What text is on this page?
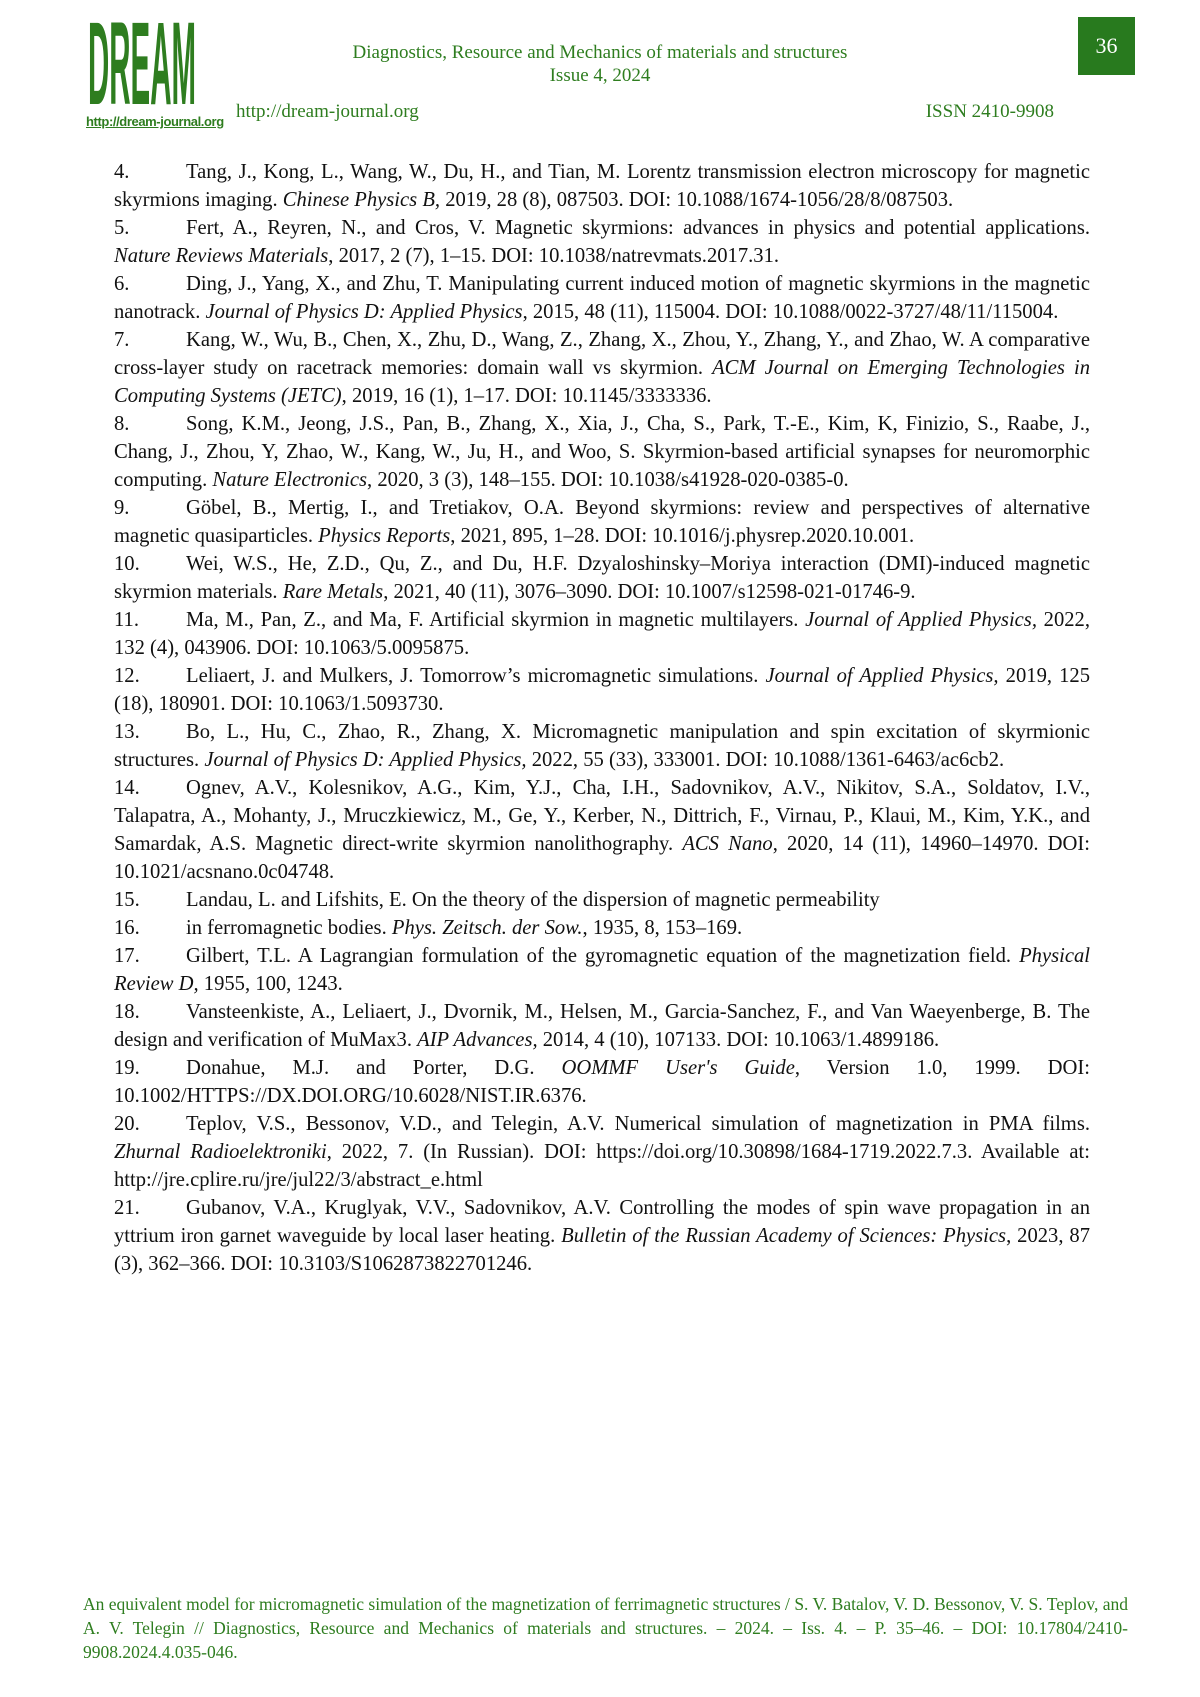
DREAM
http://dream-journal.org
Diagnostics, Resource and Mechanics of materials and structures
Issue 4, 2024
36
http://dream-journal.org	ISSN 2410-9908

4.	Tang, J., Kong, L., Wang, W., Du, H., and Tian, M. Lorentz transmission electron microscopy for magnetic skyrmions imaging. Chinese Physics B, 2019, 28 (8), 087503. DOI: 10.1088/1674-1056/28/8/087503.

5.	Fert, A., Reyren, N., and Cros, V. Magnetic skyrmions: advances in physics and potential applications. Nature Reviews Materials, 2017, 2 (7), 1–15. DOI: 10.1038/natrevmats.2017.31.

6.	Ding, J., Yang, X., and Zhu, T. Manipulating current induced motion of magnetic skyrmions in the magnetic nanotrack. Journal of Physics D: Applied Physics, 2015, 48 (11), 115004. DOI: 10.1088/0022-3727/48/11/115004.

7.	Kang, W., Wu, B., Chen, X., Zhu, D., Wang, Z., Zhang, X., Zhou, Y., Zhang, Y., and Zhao, W. A comparative cross-layer study on racetrack memories: domain wall vs skyrmion. ACM Journal on Emerging Technologies in Computing Systems (JETC), 2019, 16 (1), 1–17. DOI: 10.1145/3333336.

8.	Song, K.M., Jeong, J.S., Pan, B., Zhang, X., Xia, J., Cha, S., Park, T.-E., Kim, K, Finizio, S., Raabe, J., Chang, J., Zhou, Y, Zhao, W., Kang, W., Ju, H., and Woo, S. Skyrmion-based artificial synapses for neuromorphic computing. Nature Electronics, 2020, 3 (3), 148–155. DOI: 10.1038/s41928-020-0385-0.

9.	Göbel, B., Mertig, I., and Tretiakov, O.A. Beyond skyrmions: review and perspectives of alternative magnetic quasiparticles. Physics Reports, 2021, 895, 1–28. DOI: 10.1016/j.physrep.2020.10.001.

10. Wei, W.S., He, Z.D., Qu, Z., and Du, H.F. Dzyaloshinsky–Moriya interaction (DMI)-induced magnetic skyrmion materials. Rare Metals, 2021, 40 (11), 3076–3090. DOI: 10.1007/s12598-021-01746-9.

11. Ma, M., Pan, Z., and Ma, F. Artificial skyrmion in magnetic multilayers. Journal of Applied Physics, 2022, 132 (4), 043906. DOI: 10.1063/5.0095875.

12. Leliaert, J. and Mulkers, J. Tomorrow’s micromagnetic simulations. Journal of Applied Physics, 2019, 125 (18), 180901. DOI: 10.1063/1.5093730.

13. Bo, L., Hu, C., Zhao, R., Zhang, X. Micromagnetic manipulation and spin excitation of skyrmionic structures. Journal of Physics D: Applied Physics, 2022, 55 (33), 333001. DOI: 10.1088/1361-6463/ac6cb2.

14. Ognev, A.V., Kolesnikov, A.G., Kim, Y.J., Cha, I.H., Sadovnikov, A.V., Nikitov, S.A., Soldatov, I.V., Talapatra, A., Mohanty, J., Mruczkiewicz, M., Ge, Y., Kerber, N., Dittrich, F., Virnau, P., Klaui, M., Kim, Y.K., and Samardak, A.S. Magnetic direct-write skyrmion nanolithography. ACS Nano, 2020, 14 (11), 14960–14970. DOI: 10.1021/acsnano.0c04748.

15. Landau, L. and Lifshits, E. On the theory of the dispersion of magnetic permeability

16. in ferromagnetic bodies. Phys. Zeitsch. der Sow., 1935, 8, 153–169.

17. Gilbert, T.L. A Lagrangian formulation of the gyromagnetic equation of the magnetization field. Physical Review D, 1955, 100, 1243.

18. Vansteenkiste, A., Leliaert, J., Dvornik, M., Helsen, M., Garcia-Sanchez, F., and Van Waeyenberge, B. The design and verification of MuMax3. AIP Advances, 2014, 4 (10), 107133. DOI: 10.1063/1.4899186.

19. Donahue, M.J. and Porter, D.G. OOMMF User's Guide, Version 1.0, 1999. DOI: 10.1002/HTTPS://DX.DOI.ORG/10.6028/NIST.IR.6376.

20. Teplov, V.S., Bessonov, V.D., and Telegin, A.V. Numerical simulation of magnetization in PMA films. Zhurnal Radioelektroniki, 2022, 7. (In Russian). DOI: https://doi.org/10.30898/1684-1719.2022.7.3. Available at: http://jre.cplire.ru/jre/jul22/3/abstract_e.html

21. Gubanov, V.A., Kruglyak, V.V., Sadovnikov, A.V. Controlling the modes of spin wave propagation in an yttrium iron garnet waveguide by local laser heating. Bulletin of the Russian Academy of Sciences: Physics, 2023, 87 (3), 362–366. DOI: 10.3103/S1062873822701246.

An equivalent model for micromagnetic simulation of the magnetization of ferrimagnetic structures / S. V. Batalov, V. D. Bessonov, V. S. Teplov, and A. V. Telegin // Diagnostics, Resource and Mechanics of materials and structures. – 2024. – Iss. 4. – P. 35–46. – DOI: 10.17804/2410-9908.2024.4.035-046.
